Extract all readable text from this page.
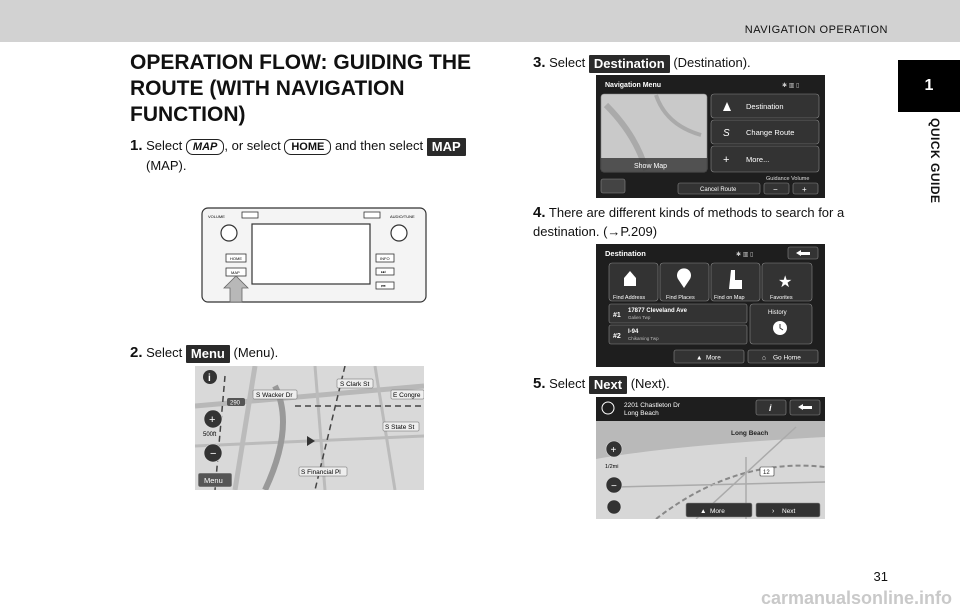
NAVIGATION OPERATION
1
QUICK GUIDE
OPERATION FLOW: GUIDING THE ROUTE (WITH NAVIGATION FUNCTION)
1. Select MAP , or select HOME and then select MAP
(MAP).
VOLUME	AUDIO/TUNE
HOME
MAP
INFO
⏭
⏮
2. Select Menu (Menu).
i
S Clark St
S Wacker Dr	E Congre
S State St
S Financial Pl
290
+
500ft
−
Menu
3. Select Destination (Destination).
Navigation Menu	✱ ▥ ▯
Show Map
Destination
S Change Route
+ More...
Guidance Volume
Cancel Route	−	+
4. There are different kinds of methods to search for a destination. (→P.209)
Destination	✱ ▥ ▯
Find Address	Find Places	Find on Map
★
Favorites
#1
17877 Cleveland Ave
Galien Twp
#2
I-94
Chikaming Twp
History
▲ More	⌂ Go Home
5. Select Next (Next).
2201 Chastleton Dr
Long Beach
i
Long Beach
12
+
1/2mi
−
▲ More	› Next
31
carmanualsonline.info
